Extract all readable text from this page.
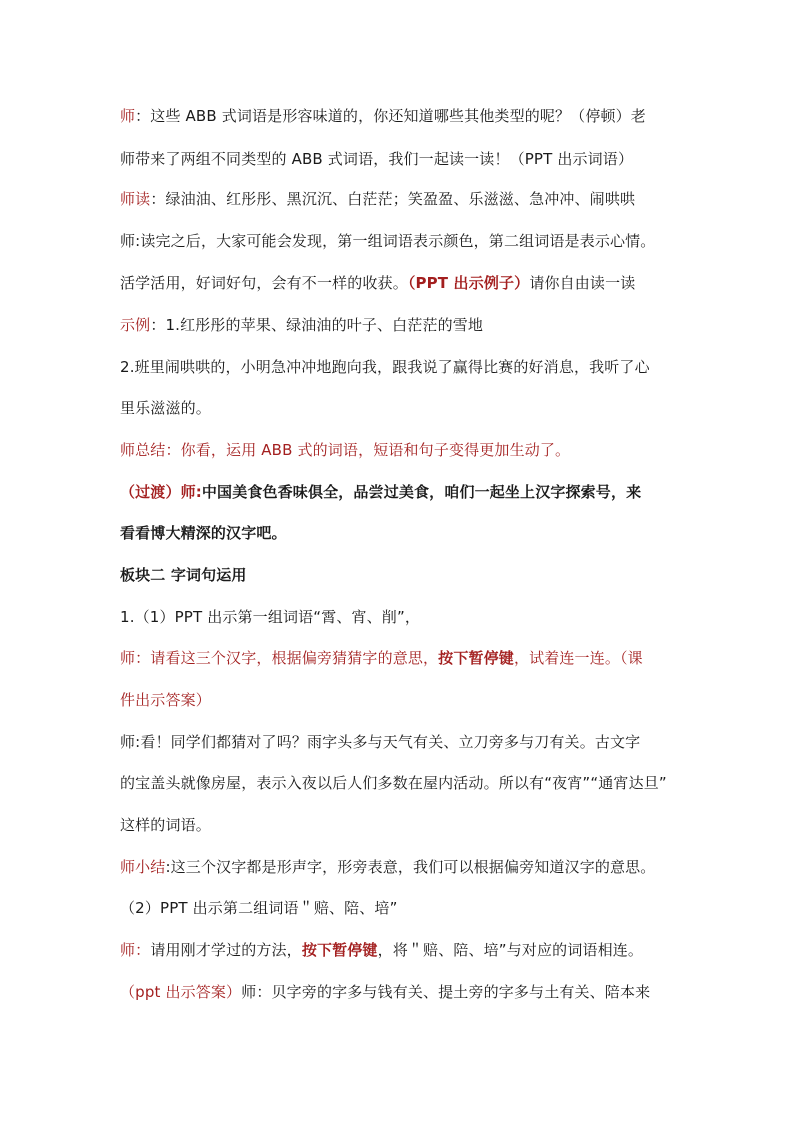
师：这些 ABB 式词语是形容味道的，你还知道哪些其他类型的呢？（停顿）老
师带来了两组不同类型的 ABB 式词语，我们一起读一读！（PPT 出示词语）
师读：绿油油、红彤彤、黑沉沉、白茫茫；笑盈盈、乐滋滋、急冲冲、闹哄哄
师:读完之后，大家可能会发现，第一组词语表示颜色，第二组词语是表示心情。
活学活用，好词好句，会有不一样的收获。（PPT 出示例子）请你自由读一读
示例：1.红彤彤的苹果、绿油油的叶子、白茫茫的雪地
2.班里闹哄哄的，小明急冲冲地跑向我，跟我说了赢得比赛的好消息，我听了心
里乐滋滋的。
师总结：你看，运用 ABB 式的词语，短语和句子变得更加生动了。
（过渡）师:中国美食色香味俱全，品尝过美食，咱们一起坐上汉字探索号，来
看看博大精深的汉字吧。
板块二 字词句运用
1.（1）PPT 出示第一组词语“霄、宵、削”，
师：请看这三个汉字，根据偏旁猜猜字的意思，按下暂停键，试着连一连。（课
件出示答案）
师:看！同学们都猜对了吗？雨字头多与天气有关、立刀旁多与刀有关。古文字
的宝盖头就像房屋，表示入夜以后人们多数在屋内活动。所以有“夜宵”“通宵达旦”
这样的词语。
师小结:这三个汉字都是形声字，形旁表意，我们可以根据偏旁知道汉字的意思。
（2）PPT 出示第二组词语＂赔、陪、培”
师：请用刚才学过的方法，按下暂停键，将＂赔、陪、培”与对应的词语相连。
（ppt 出示答案）师：贝字旁的字多与钱有关、提土旁的字多与土有关、陪本来
